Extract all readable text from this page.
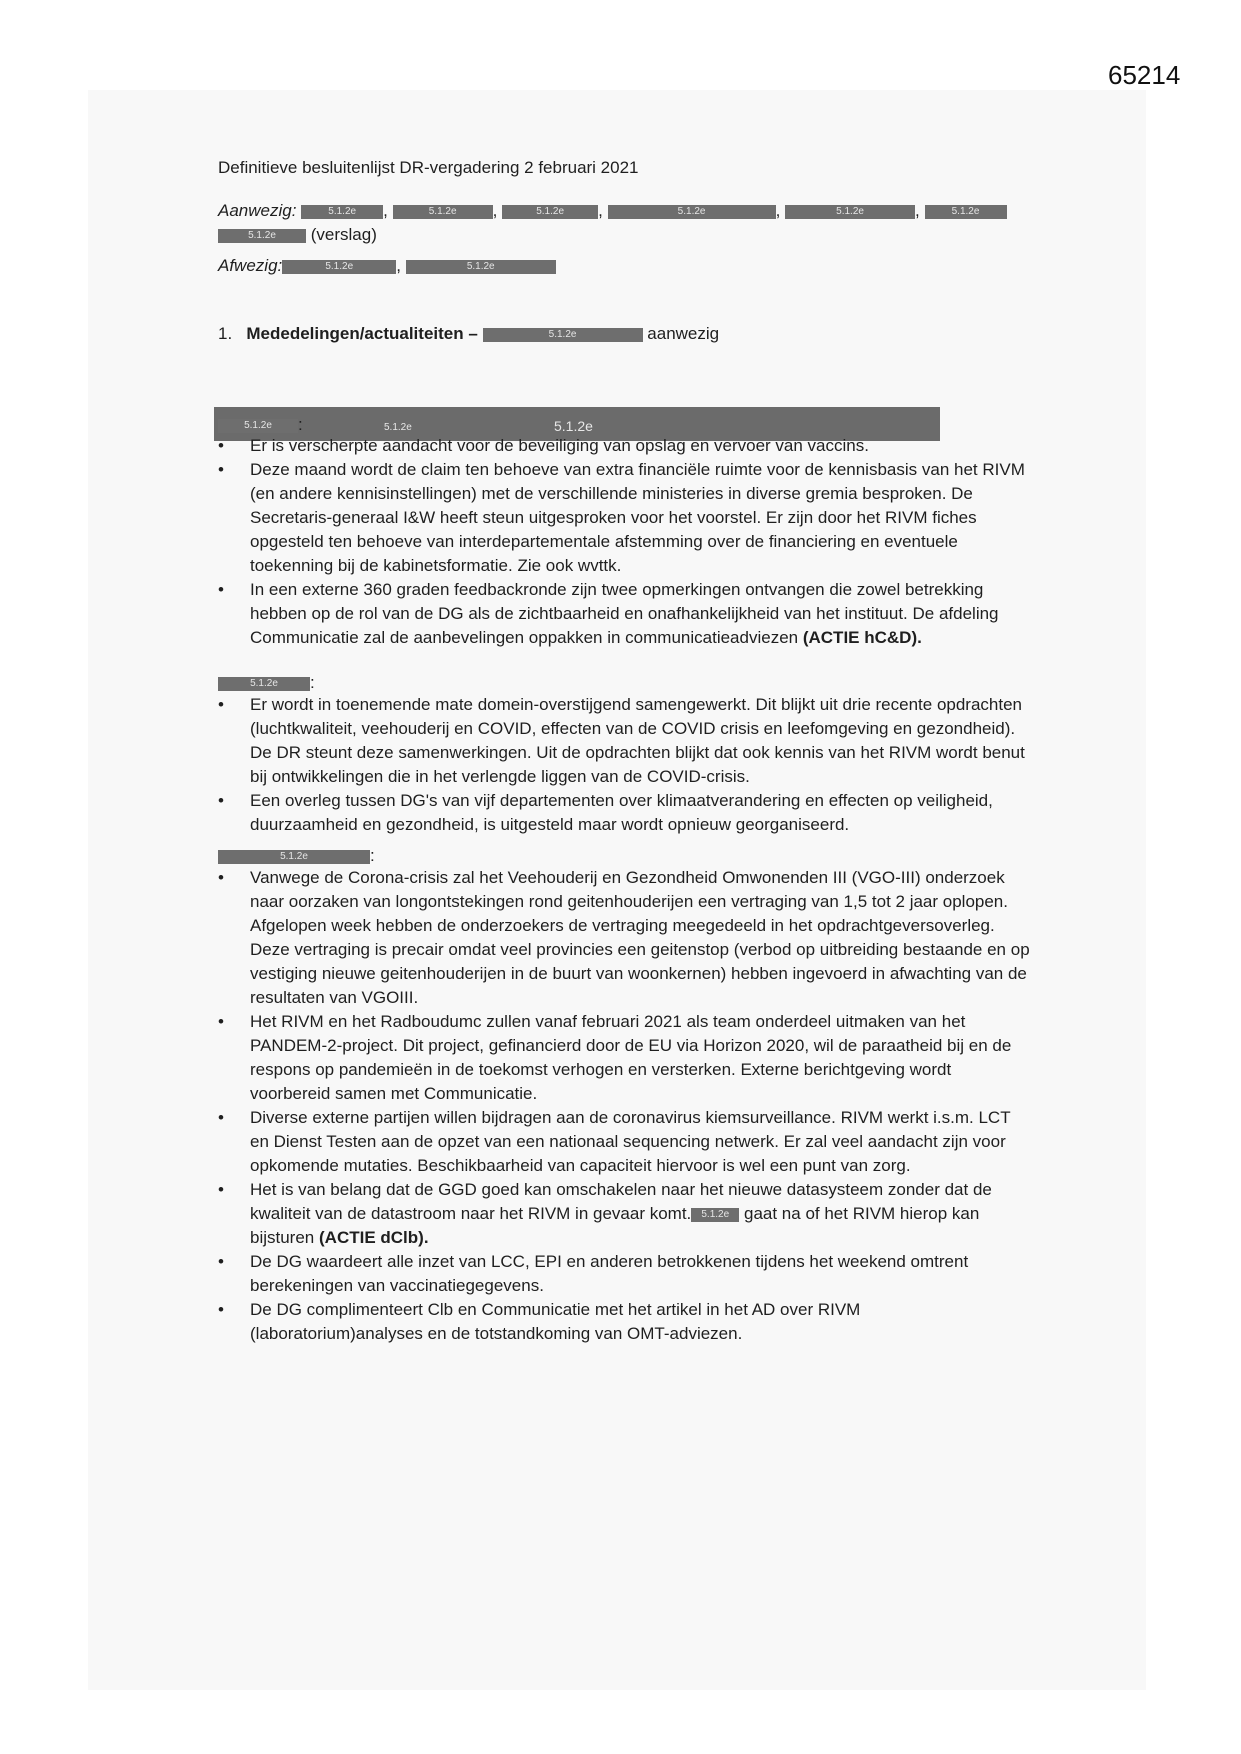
65214
Definitieve besluitenlijst DR-vergadering 2 februari 2021
Aanwezig:	5.1.2e ,	5.1.2e ,	5.1.2e ,	5.1.2e	,	5.1.2e	,	5.1.2e
5.1.2e (verslag)
Afwezig:	5.1.2e	,	5.1.2e
1. Mededelingen/actualiteiten –	5.1.2e	aanwezig
5.1.2e	5.1.2e
5.1.2e :
• Er is verscherpte aandacht voor de beveiliging van opslag en vervoer van vaccins.
• Deze maand wordt de claim ten behoeve van extra financiële ruimte voor de kennisbasis van het RIVM (en andere kennisinstellingen) met de verschillende ministeries in diverse gremia besproken. De Secretaris-generaal I&W heeft steun uitgesproken voor het voorstel. Er zijn door het RIVM fiches opgesteld ten behoeve van interdepartementale afstemming over de financiering en eventuele toekenning bij de kabinetsformatie. Zie ook wvttk.
• In een externe 360 graden feedbackronde zijn twee opmerkingen ontvangen die zowel betrekking hebben op de rol van de DG als de zichtbaarheid en onafhankelijkheid van het instituut. De afdeling Communicatie zal de aanbevelingen oppakken in communicatieadviezen (ACTIE hC&D).
5.1.2e :
• Er wordt in toenemende mate domein-overstijgend samengewerkt. Dit blijkt uit drie recente opdrachten (luchtkwaliteit, veehouderij en COVID, effecten van de COVID crisis en leefomgeving en gezondheid). De DR steunt deze samenwerkingen. Uit de opdrachten blijkt dat ook kennis van het RIVM wordt benut bij ontwikkelingen die in het verlengde liggen van de COVID-crisis.
• Een overleg tussen DG's van vijf departementen over klimaatverandering en effecten op veiligheid, duurzaamheid en gezondheid, is uitgesteld maar wordt opnieuw georganiseerd.
5.1.2e	:
• Vanwege de Corona-crisis zal het Veehouderij en Gezondheid Omwonenden III (VGO-III) onderzoek naar oorzaken van longontstekingen rond geitenhouderijen een vertraging van 1,5 tot 2 jaar oplopen. Afgelopen week hebben de onderzoekers de vertraging meegedeeld in het opdrachtgeversoverleg. Deze vertraging is precair omdat veel provincies een geitenstop (verbod op uitbreiding bestaande en op vestiging nieuwe geitenhouderijen in de buurt van woonkernen) hebben ingevoerd in afwachting van de resultaten van VGOIII.
• Het RIVM en het Radboudumc zullen vanaf februari 2021 als team onderdeel uitmaken van het PANDEM-2-project. Dit project, gefinancierd door de EU via Horizon 2020, wil de paraatheid bij en de respons op pandemieën in de toekomst verhogen en versterken. Externe berichtgeving wordt voorbereid samen met Communicatie.
• Diverse externe partijen willen bijdragen aan de coronavirus kiemsurveillance. RIVM werkt i.s.m. LCT en Dienst Testen aan de opzet van een nationaal sequencing netwerk. Er zal veel aandacht zijn voor opkomende mutaties. Beschikbaarheid van capaciteit hiervoor is wel een punt van zorg.
• Het is van belang dat de GGD goed kan omschakelen naar het nieuwe datasysteem zonder dat de kwaliteit van de datastroom naar het RIVM in gevaar komt. 5.1.2e gaat na of het RIVM hierop kan bijsturen (ACTIE dClb).
• De DG waardeert alle inzet van LCC, EPI en anderen betrokkenen tijdens het weekend omtrent berekeningen van vaccinatiegegevens.
• De DG complimenteert Clb en Communicatie met het artikel in het AD over RIVM (laboratorium)analyses en de totstandkoming van OMT-adviezen.
